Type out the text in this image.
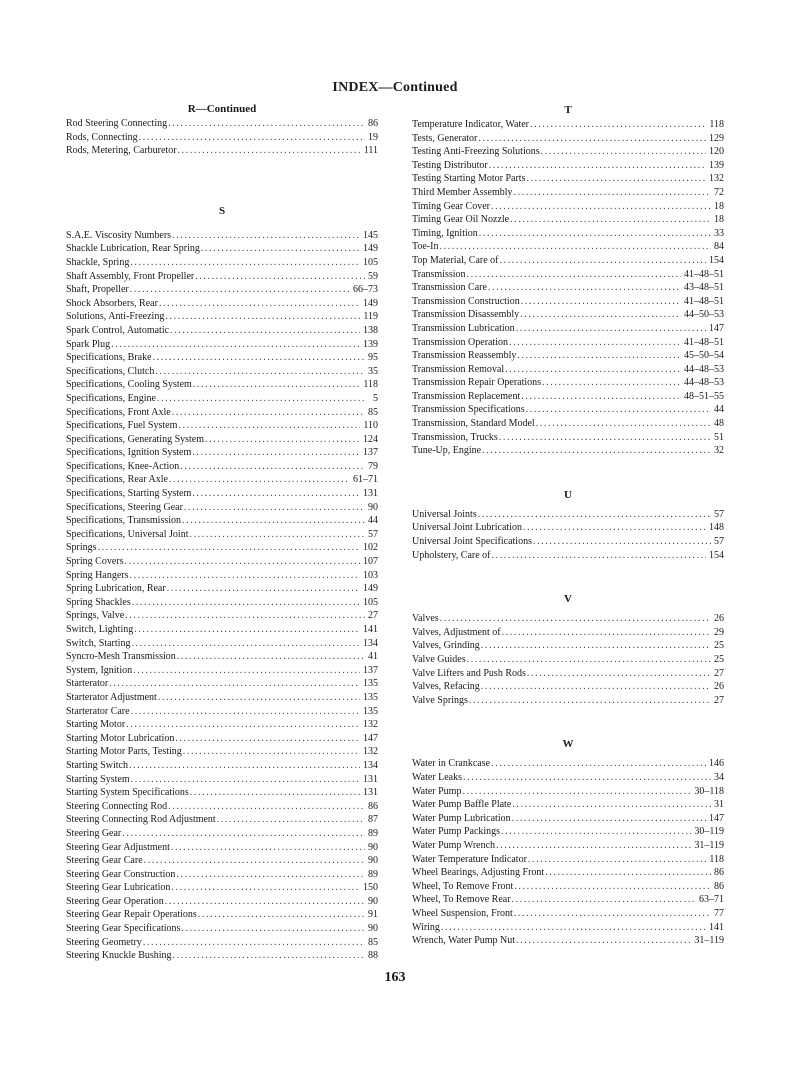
INDEX—Continued
R—Continued
Rod Steering Connecting .....	86
Rods, Connecting .....	19
Rods, Metering, Carburetor .....	111
S
S.A.E. Viscosity Numbers .....	145
Shackle Lubrication, Rear Spring .....	149
Shackle, Spring .....	105
Shaft Assembly, Front Propeller .....	59
Shaft, Propeller .....	66–73
Shock Absorbers, Rear .....	149
Solutions, Anti-Freezing .....	119
Spark Control, Automatic .....	138
Spark Plug .....	139
Specifications, Brake .....	95
Specifications, Clutch .....	35
Specifications, Cooling System .....	118
Specifications, Engine .....	5
Specifications, Front Axle .....	85
Specifications, Fuel System .....	110
Specifications, Generating System .....	124
Specifications, Ignition System .....	137
Specifications, Knee-Action .....	79
Specifications, Rear Axle .....	61–71
Specifications, Starting System .....	131
Specifications, Steering Gear .....	90
Specifications, Transmission .....	44
Specifications, Universal Joint .....	57
Springs .....	102
Spring Covers .....	107
Spring Hangers .....	103
Spring Lubrication, Rear .....	149
Spring Shackles .....	105
Springs, Valve .....	27
Switch, Lighting .....	141
Switch, Starting .....	134
Syncro-Mesh Transmission .....	41
System, Ignition .....	137
Starterator .....	135
Starterator Adjustment .....	135
Starterator Care .....	135
Starting Motor .....	132
Starting Motor Lubrication .....	147
Starting Motor Parts, Testing .....	132
Starting Switch .....	134
Starting System .....	131
Starting System Specifications .....	131
Steering Connecting Rod .....	86
Steering Connecting Rod Adjustment .....	87
Steering Gear .....	89
Steering Gear Adjustment .....	90
Steering Gear Care .....	90
Steering Gear Construction .....	89
Steering Gear Lubrication .....	150
Steering Gear Operation .....	90
Steering Gear Repair Operations .....	91
Steering Gear Specifications .....	90
Steering Geometry .....	85
Steering Knuckle Bushing .....	88
T
Temperature Indicator, Water .....	118
Tests, Generator .....	129
Testing Anti-Freezing Solutions .....	120
Testing Distributor .....	139
Testing Starting Motor Parts .....	132
Third Member Assembly .....	72
Timing Gear Cover .....	18
Timing Gear Oil Nozzle .....	18
Timing, Ignition .....	33
Toe-In .....	84
Top Material, Care of .....	154
Transmission .....	41–48–51
Transmission Care .....	43–48–51
Transmission Construction .....	41–48–51
Transmission Disassembly .....	44–50–53
Transmission Lubrication .....	147
Transmission Operation .....	41–48–51
Transmission Reassembly .....	45–50–54
Transmission Removal .....	44–48–53
Transmission Repair Operations .....	44–48–53
Transmission Replacement .....	48–51–55
Transmission Specifications .....	44
Transmission, Standard Model .....	48
Transmission, Trucks .....	51
Tune-Up, Engine .....	32
U
Universal Joints .....	57
Universal Joint Lubrication .....	148
Universal Joint Specifications .....	57
Upholstery, Care of .....	154
V
Valves .....	26
Valves, Adjustment of .....	29
Valves, Grinding .....	25
Valve Guides .....	25
Valve Lifters and Push Rods .....	27
Valves, Refacing .....	26
Valve Springs .....	27
W
Water in Crankcase .....	146
Water Leaks .....	34
Water Pump .....	30–118
Water Pump Baffle Plate .....	31
Water Pump Lubrication .....	147
Water Pump Packings .....	30–119
Water Pump Wrench .....	31–119
Water Temperature Indicator .....	118
Wheel Bearings, Adjusting Front .....	86
Wheel, To Remove Front .....	86
Wheel, To Remove Rear .....	63–71
Wheel Suspension, Front .....	77
Wiring .....	141
Wrench, Water Pump Nut .....	31–119
163
